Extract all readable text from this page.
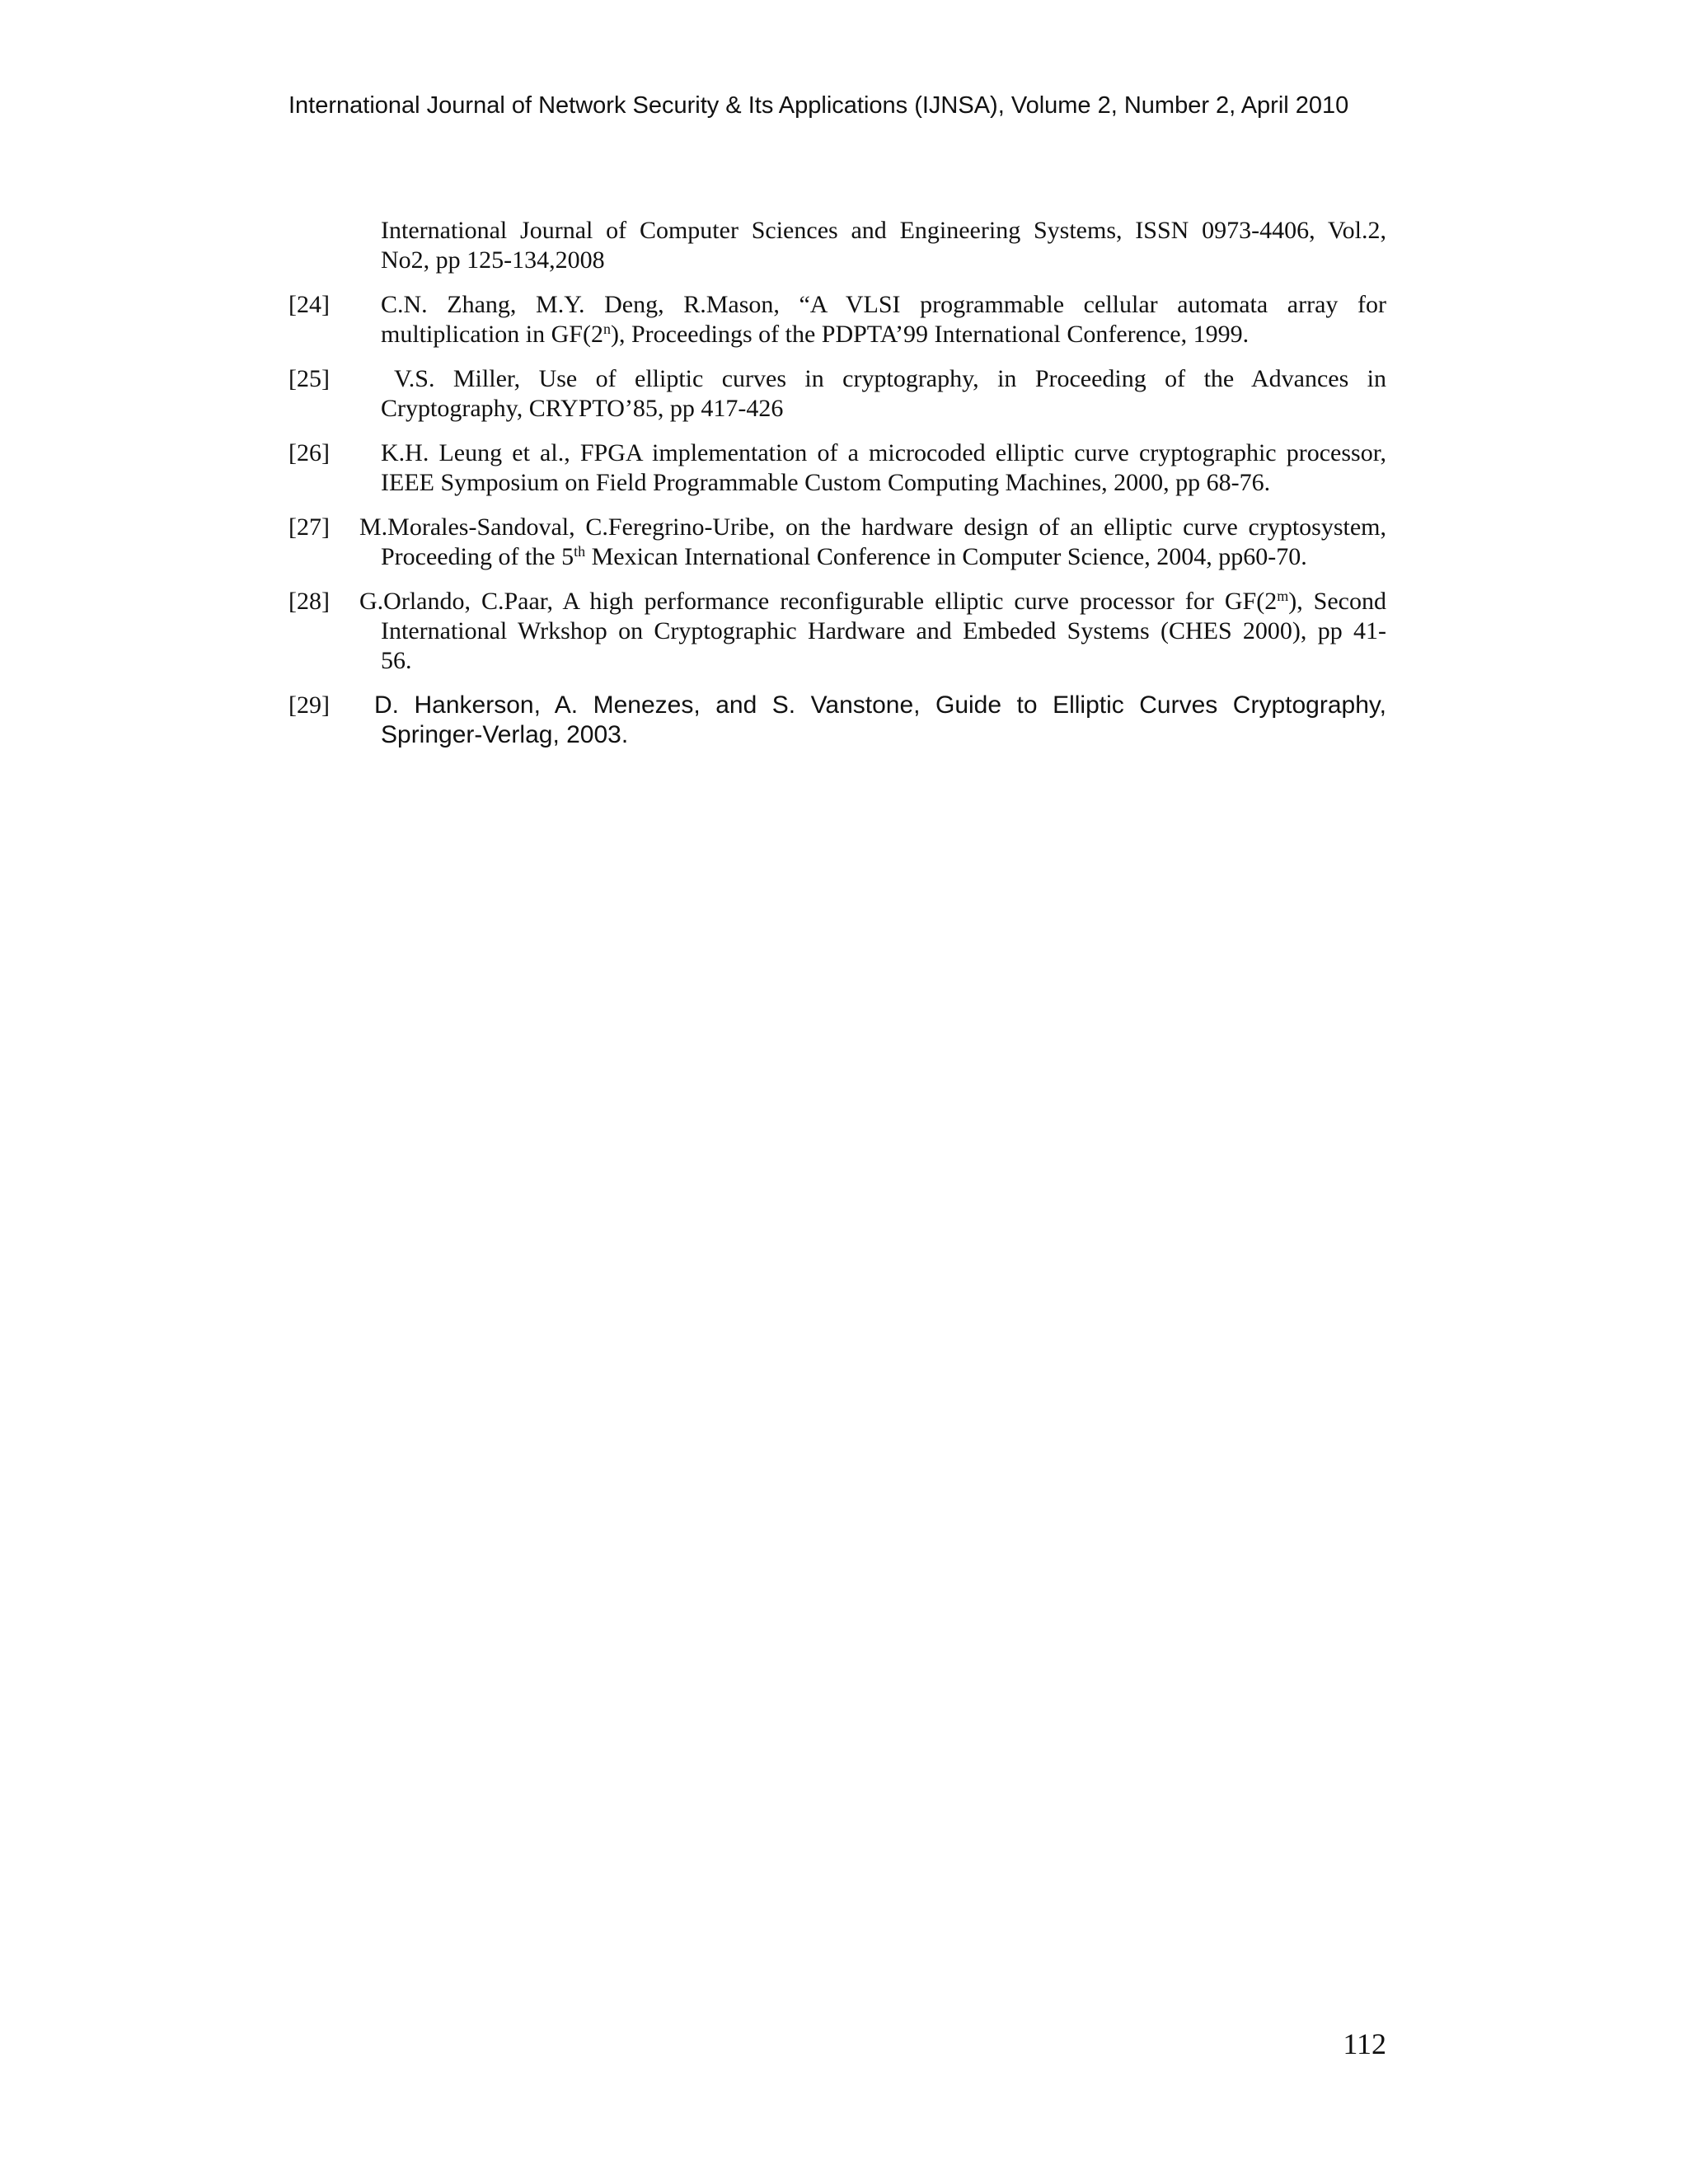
International Journal of Network Security & Its Applications (IJNSA), Volume 2, Number 2, April 2010
International Journal of Computer Sciences and Engineering Systems, ISSN 0973-4406, Vol.2,
No2, pp 125-134,2008
[24]	C.N. Zhang, M.Y. Deng, R.Mason, “A VLSI programmable cellular automata array for
multiplication in GF(2$^n$), Proceedings of the PDPTA’99 International Conference, 1999.
[25]	V.S. Miller, Use of elliptic curves in cryptography, in Proceeding of the Advances in
Cryptography, CRYPTO’85, pp 417-426
[26]	K.H. Leung et al., FPGA implementation of a microcoded elliptic curve cryptographic processor,
IEEE Symposium on Field Programmable Custom Computing Machines, 2000, pp 68-76.
[27]	M.Morales-Sandoval, C.Feregrino-Uribe, on the hardware design of an elliptic curve cryptosystem,
Proceeding of the 5th Mexican International Conference in Computer Science, 2004, pp60-70.
[28]	G.Orlando, C.Paar, A high performance reconfigurable elliptic curve processor for GF(2$^m$), Second
International Wrkshop on Cryptographic Hardware and Embeded Systems (CHES 2000), pp 41-
56.
[29]	D. Hankerson, A. Menezes, and S. Vanstone, Guide to Elliptic Curves Cryptography,
Springer-Verlag, 2003.
112
